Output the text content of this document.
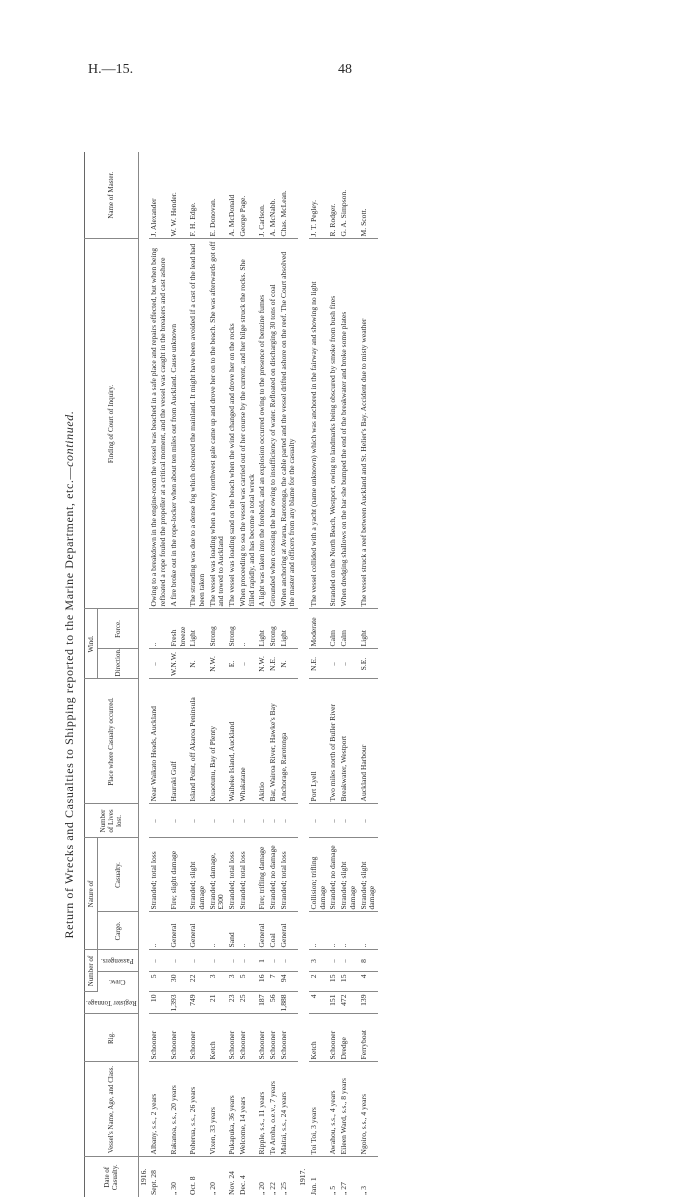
H.—15.	48
Return of Wrecks and Casualties to Shipping reported to the Marine Department, etc.—continued.
Date of Casualty.	Vessel's Name, Age, and Class.	Rig.	Register Tonnage.	Number of		Nature of		Number of Lives lost.	Place where Casualty occurred.	Wind.		Finding of Court of Inquiry.	Name of Master.

				Crew.	Passengers.	Cargo.	Casualty.			Direction.	Force.		
1916.													
Sept. 28	Albany, s.s., 2 years	Schooner	10	5	..	..	Stranded; total loss	..	Near Waikato Heads, Auckland	..	..	Owing to a breakdown in the engine-room the vessel was beached in a safe place and repairs effected, but when being refloated a rope fouled the propeller at a critical moment, and the vessel was caught in the breakers and cast ashore	J. Alexander
„ 30	Rakanoa, s.s., 20 years	Schooner	1,393	30	..	General	Fire; slight damage	..	Hauraki Gulf	W.N.W.	Fresh breeze	A fire broke out in the rope-locker when about ten miles out from Auckland. Cause unknown	W. W. Hender.
Oct. 8	Poherua, s.s., 26 years	Schooner	749	22	..	General	Stranded; slight damage	..	Island Point, off Akaroa Peninsula	N.	Light	The stranding was due to a dense fog which obscured the mainland. It might have been avoided if a cast of the lead had been taken	F. H. Edge.
„ 20	Vixen, 33 years	Ketch	21	3	..	..	Stranded; damage, £300	..	Kuaotunu, Bay of Plenty	N.W.	Strong	The vessel was loading when a heavy northwest gale came up and drove her on to the beach. She was afterwards got off and towed to Auckland	E. Donovan.
Nov. 24	Pukapuka, 36 years	Schooner	23	3	..	Sand	Stranded; total loss	..	Waiheke Island, Auckland	E.	Strong	The vessel was loading sand on the beach when the wind changed and drove her on the rocks	A. McDonald
Dec. 4	Welcome, 14 years	Schooner	25	5	..	..	Stranded; total loss	..	Whakatane	..	..	When proceeding to sea the vessel was carried out of her course by the current, and her bilge struck the rocks. She filled rapidly, and has become a total wreck	George Page.
„ 20	Ripple, s.s., 11 years	Schooner	187	16	1	General	Fire; trifling damage	..	Akitio	N.W.	Light	A light was taken into the forehold, and an explosion occurred owing to the presence of benzine fumes	J. Carlson.
„ 22	Te Aroha, o.e.v., 7 years	Schooner	56	7	..	Coal	Stranded; no damage	..	Bar, Wairoa River, Hawke's Bay	N.E.	Strong	Grounded when crossing the bar owing to insufficiency of water. Refloated on discharging 30 tons of coal	A. McNabb.
„ 25	Maitai, s.s., 24 years	Schooner	1,888	94	..	General	Stranded; total loss	..	Anchorage, Rarotonga	N.	Light	When anchoring at Avarua, Rarotonga, the cable parted and the vessel drifted ashore on the reef. The Court absolved the master and officers from any blame for the casualty	Chas. McLean.
1917.													
Jan. 1	Toi Toi, 3 years	Ketch	4	2	3	..	Collision; trifling damage	..	Port Lyell	N.E.	Moderate	The vessel collided with a yacht (name unknown) which was anchored in the fairway and showing no light	J. T. Pegley.
„ 5	Awahou, s.s., 4 years	Schooner	151	15	..	..	Stranded; no damage	..	Two miles north of Buller River	..	Calm	Stranded on the North Beach, Westport, owing to landmarks being obscured by smoke from bush fires	R. Rodger.
„ 27	Eileen Ward, s.s., 8 years	Dredge	472	15	..	..	Stranded; slight damage	..	Breakwater, Westport	..	Calm	When dredging shallows on the bar she bumped the end of the breakwater and broke some plates	G. A. Simpson.
„ 3	Ngoiro, s.s., 4 years	Ferryboat	139	4	8	..	Stranded; slight damage	..	Auckland Harbour	S.E.	Light	The vessel struck a reef between Auckland and St. Helier's Bay. Accident due to misty weather	M. Scott.
